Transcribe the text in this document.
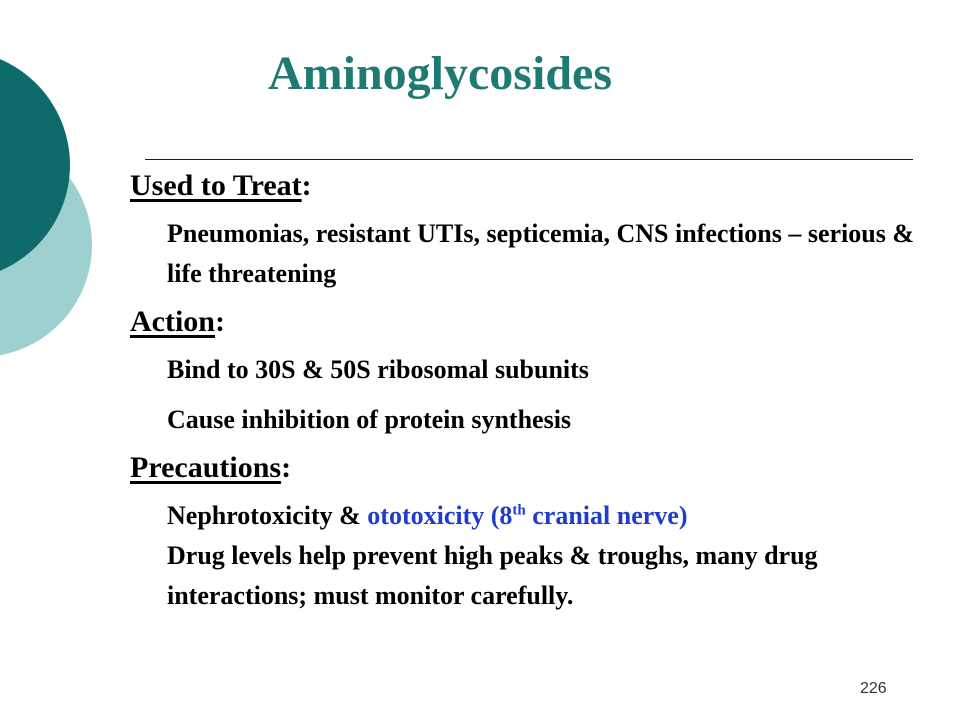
Aminoglycosides
Used to Treat:
Pneumonias, resistant UTIs, septicemia, CNS infections – serious & life threatening
Action:
Bind to 30S & 50S ribosomal subunits
Cause inhibition of protein synthesis
Precautions:
Nephrotoxicity & ototoxicity (8th cranial nerve)
Drug levels help prevent high peaks & troughs, many drug interactions; must monitor carefully.
226
